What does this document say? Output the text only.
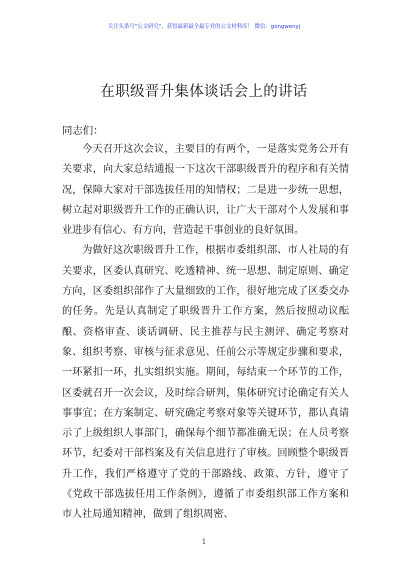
关注头条号"公文研究"，获得最新最全最专业的公文材料库！ 微信：gongwenyj
在职级晋升集体谈话会上的讲话
同志们：

今天召开这次会议，主要目的有两个，一是落实党务公开有关要求，向大家总结通报一下这次干部职级晋升的程序和有关情况，保障大家对干部选拔任用的知情权；二是进一步统一思想，树立起对职级晋升工作的正确认识，让广大干部对个人发展和事业进步有信心、有方向，营造起干事创业的良好氛围。

为做好这次职级晋升工作，根据市委组织部、市人社局的有关要求，区委认真研究、吃透精神、统一思想、制定原则、确定方向，区委组织部作了大量细致的工作，很好地完成了区委交办的任务。先是认真制定了职级晋升工作方案，然后按照动议酝酿、资格审查、谈话调研、民主推荐与民主测评、确定考察对象、组织考察、审核与征求意见、任前公示等规定步骤和要求，一环紧扣一环，扎实组织实施。期间，每结束一个环节的工作，区委就召开一次会议，及时综合研判，集体研究讨论确定有关人事事宜；在方案制定、研究确定考察对象等关键环节，都认真请示了上级组织人事部门，确保每个细节都准确无误；在人员考察环节，纪委对干部档案及有关信息进行了审核。回顾整个职级晋升工作，我们严格遵守了党的干部路线、政策、方针，遵守了《党政干部选拔任用工作条例》，遵循了市委组织部工作方案和市人社局通知精神，做到了组织周密、

1
